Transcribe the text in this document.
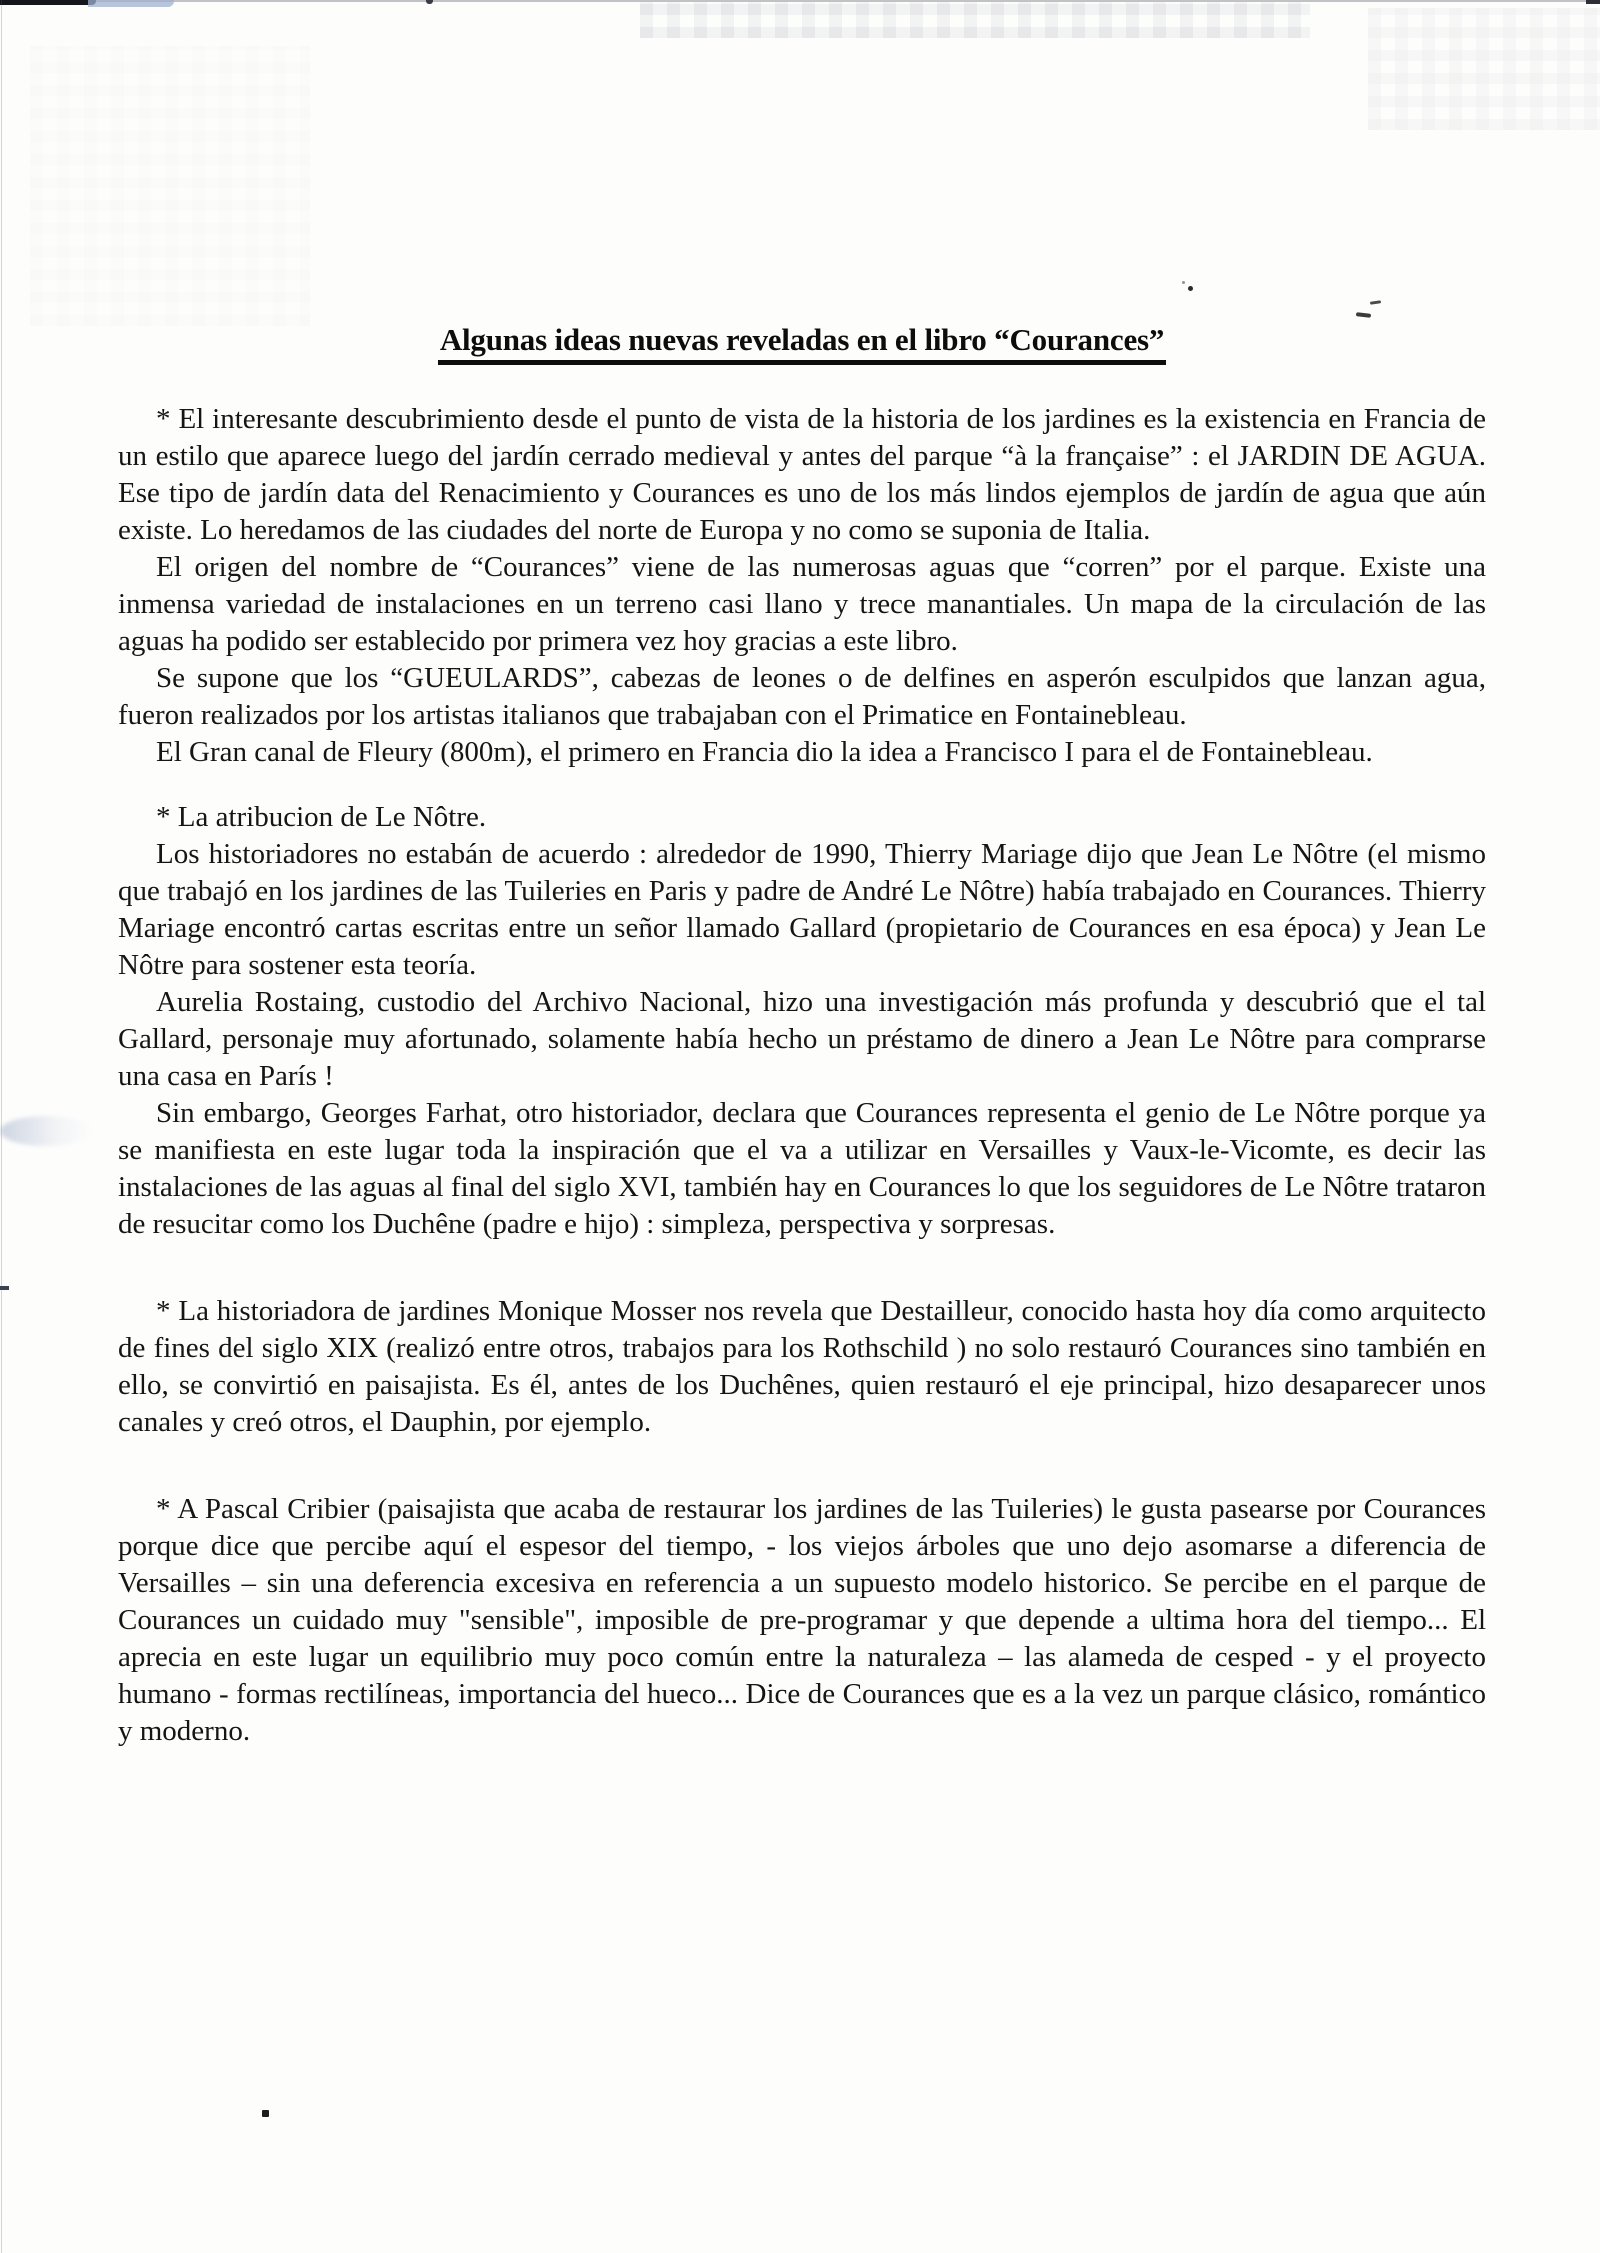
Algunas ideas nuevas reveladas en el libro “Courances”

* El interesante descubrimiento desde el punto de vista de la historia de los jardines es la existencia en Francia de un estilo que aparece luego del jardín cerrado medieval y antes del parque “à la française” : el JARDIN DE AGUA. Ese tipo de jardín data del Renacimiento y Courances es uno de los más lindos ejemplos de jardín de agua que aún existe. Lo heredamos de las ciudades del norte de Europa y no como se suponia de Italia.

El origen del nombre de “Courances” viene de las numerosas aguas que “corren” por el parque. Existe una inmensa variedad de instalaciones en un terreno casi llano y trece manantiales. Un mapa de la circulación de las aguas ha podido ser establecido por primera vez hoy gracias a este libro.

Se supone que los “GUEULARDS”, cabezas de leones o de delfines en asperón esculpidos que lanzan agua, fueron realizados por los artistas italianos que trabajaban con el Primatice en Fontainebleau.

El Gran canal de Fleury (800m), el primero en Francia dio la idea a Francisco I para el de Fontainebleau.

* La atribucion de Le Nôtre.

Los historiadores no estabán de acuerdo : alrededor de 1990, Thierry Mariage dijo que Jean Le Nôtre (el mismo que trabajó en los jardines de las Tuileries en Paris y padre de André Le Nôtre) había trabajado en Courances. Thierry Mariage encontró cartas escritas entre un señor llamado Gallard (propietario de Courances en esa época) y Jean Le Nôtre para sostener esta teoría.

Aurelia Rostaing, custodio del Archivo Nacional, hizo una investigación más profunda y descubrió que el tal Gallard, personaje muy afortunado, solamente había hecho un préstamo de dinero a Jean Le Nôtre para comprarse una casa en París !

Sin embargo, Georges Farhat, otro historiador, declara que Courances representa el genio de Le Nôtre porque ya se manifiesta en este lugar toda la inspiración que el va a utilizar en Versailles y Vaux-le-Vicomte, es decir las instalaciones de las aguas al final del siglo XVI, también hay en Courances lo que los seguidores de Le Nôtre trataron de resucitar como los Duchêne (padre e hijo) : simpleza, perspectiva y sorpresas.

* La historiadora de jardines Monique Mosser nos revela que Destailleur, conocido hasta hoy día como arquitecto de fines del siglo XIX (realizó entre otros, trabajos para los Rothschild ) no solo restauró Courances sino también en ello, se convirtió en paisajista. Es él, antes de los Duchênes, quien restauró el eje principal, hizo desaparecer unos canales y creó otros, el Dauphin, por ejemplo.

* A Pascal Cribier (paisajista que acaba de restaurar los jardines de las Tuileries) le gusta pasearse por Courances porque dice que percibe aquí el espesor del tiempo, - los viejos árboles que uno dejo asomarse a diferencia de Versailles – sin una deferencia excesiva en referencia a un supuesto modelo historico. Se percibe en el parque de Courances un cuidado muy "sensible", imposible de pre-programar y que depende a ultima hora del tiempo... El aprecia en este lugar un equilibrio muy poco común entre la naturaleza – las alameda de cesped - y el proyecto humano - formas rectilíneas, importancia del hueco... Dice de Courances que es a la vez un parque clásico, romántico y moderno.
